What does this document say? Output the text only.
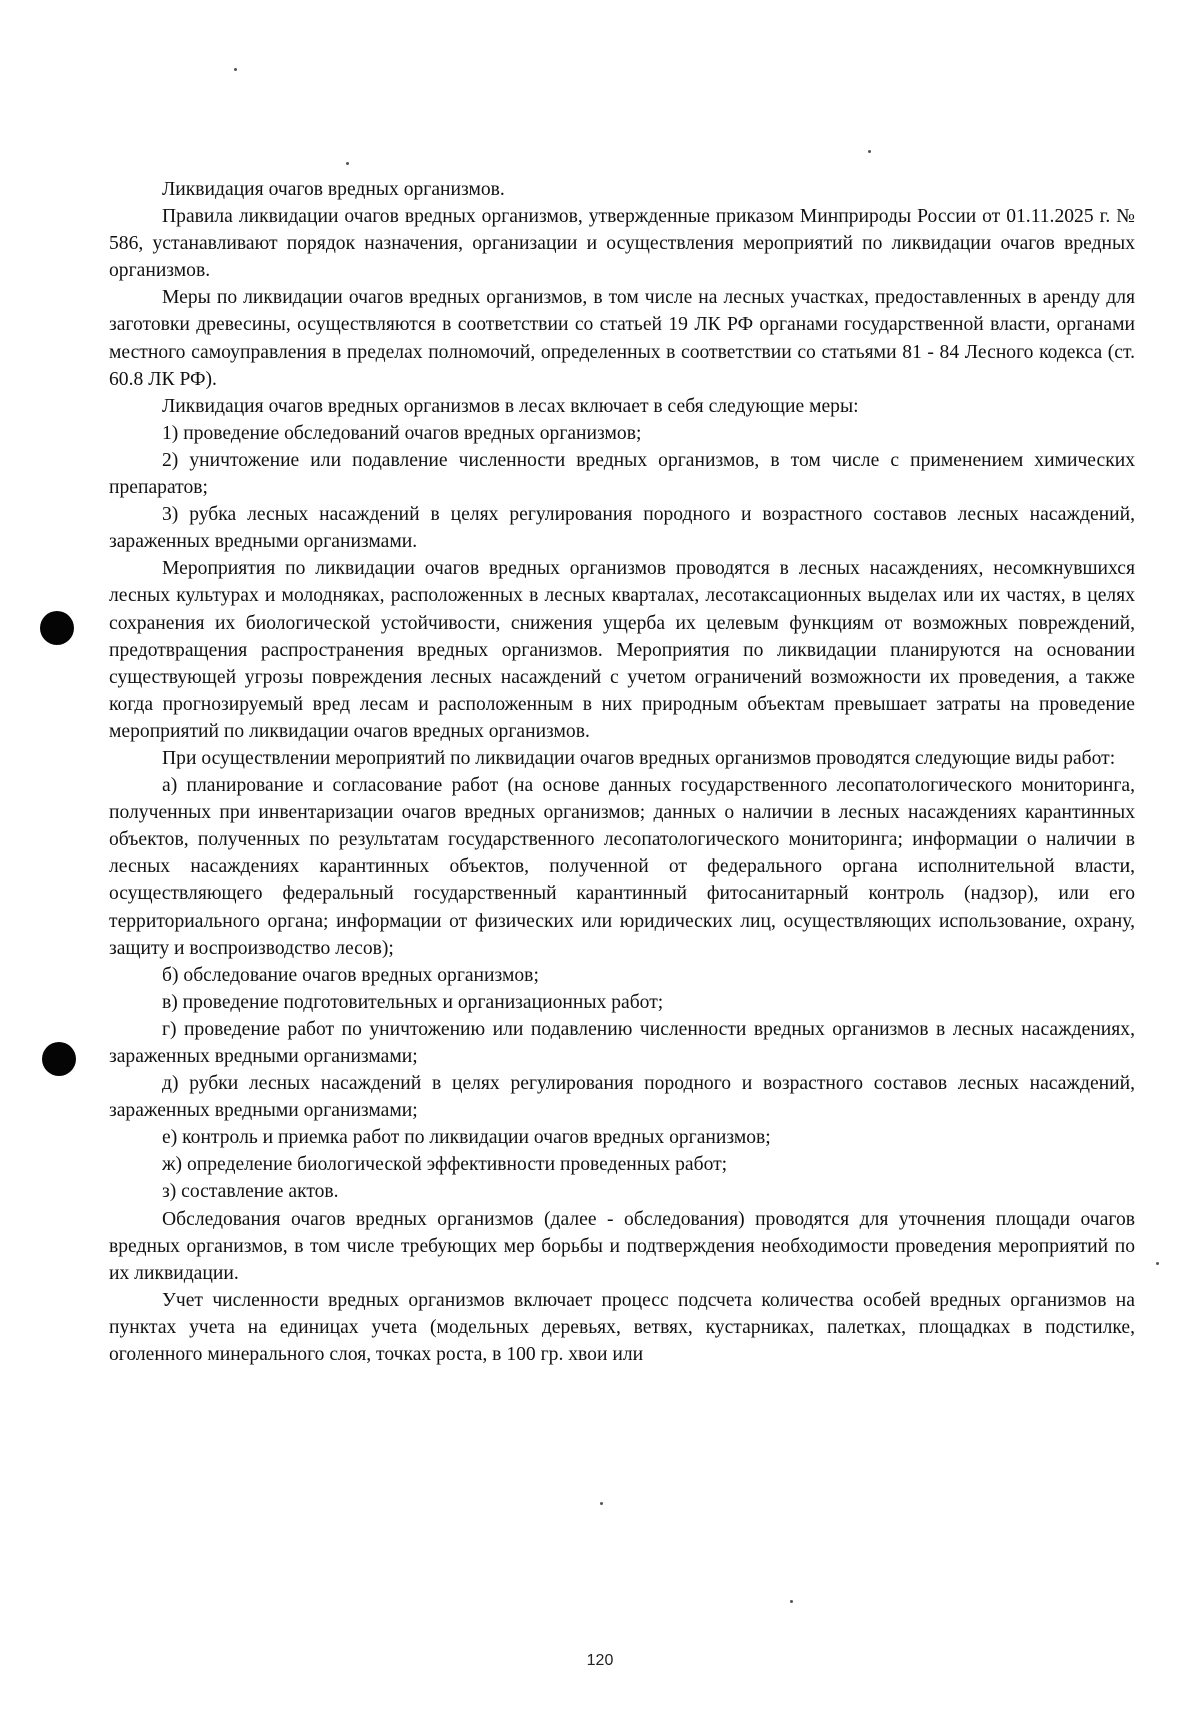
Ликвидация очагов вредных организмов.

Правила ликвидации очагов вредных организмов, утвержденные приказом Минприроды России от 01.11.2025 г. № 586, устанавливают порядок назначения, организации и осуществления мероприятий по ликвидации очагов вредных организмов.

Меры по ликвидации очагов вредных организмов, в том числе на лесных участках, предоставленных в аренду для заготовки древесины, осуществляются в соответствии со статьей 19 ЛК РФ органами государственной власти, органами местного самоуправления в пределах полномочий, определенных в соответствии со статьями 81 - 84 Лесного кодекса (ст. 60.8 ЛК РФ).

Ликвидация очагов вредных организмов в лесах включает в себя следующие меры:

1) проведение обследований очагов вредных организмов;

2) уничтожение или подавление численности вредных организмов, в том числе с применением химических препаратов;

3) рубка лесных насаждений в целях регулирования породного и возрастного составов лесных насаждений, зараженных вредными организмами.

Мероприятия по ликвидации очагов вредных организмов проводятся в лесных насаждениях, несомкнувшихся лесных культурах и молодняках, расположенных в лесных кварталах, лесотаксационных выделах или их частях, в целях сохранения их биологической устойчивости, снижения ущерба их целевым функциям от возможных повреждений, предотвращения распространения вредных организмов. Мероприятия по ликвидации планируются на основании существующей угрозы повреждения лесных насаждений с учетом ограничений возможности их проведения, а также когда прогнозируемый вред лесам и расположенным в них природным объектам превышает затраты на проведение мероприятий по ликвидации очагов вредных организмов.

При осуществлении мероприятий по ликвидации очагов вредных организмов проводятся следующие виды работ:

а) планирование и согласование работ (на основе данных государственного лесопатологического мониторинга, полученных при инвентаризации очагов вредных организмов; данных о наличии в лесных насаждениях карантинных объектов, полученных по результатам государственного лесопатологического мониторинга; информации о наличии в лесных насаждениях карантинных объектов, полученной от федерального органа исполнительной власти, осуществляющего федеральный государственный карантинный фитосанитарный контроль (надзор), или его территориального органа; информации от физических или юридических лиц, осуществляющих использование, охрану, защиту и воспроизводство лесов);

б) обследование очагов вредных организмов;

в) проведение подготовительных и организационных работ;

г) проведение работ по уничтожению или подавлению численности вредных организмов в лесных насаждениях, зараженных вредными организмами;

д) рубки лесных насаждений в целях регулирования породного и возрастного составов лесных насаждений, зараженных вредными организмами;

е) контроль и приемка работ по ликвидации очагов вредных организмов;

ж) определение биологической эффективности проведенных работ;

з) составление актов.

Обследования очагов вредных организмов (далее - обследования) проводятся для уточнения площади очагов вредных организмов, в том числе требующих мер борьбы и подтверждения необходимости проведения мероприятий по их ликвидации.

Учет численности вредных организмов включает процесс подсчета количества особей вредных организмов на пунктах учета на единицах учета (модельных деревьях, ветвях, кустарниках, палетках, площадках в подстилке, оголенного минерального слоя, точках роста, в 100 гр. хвои или

120
